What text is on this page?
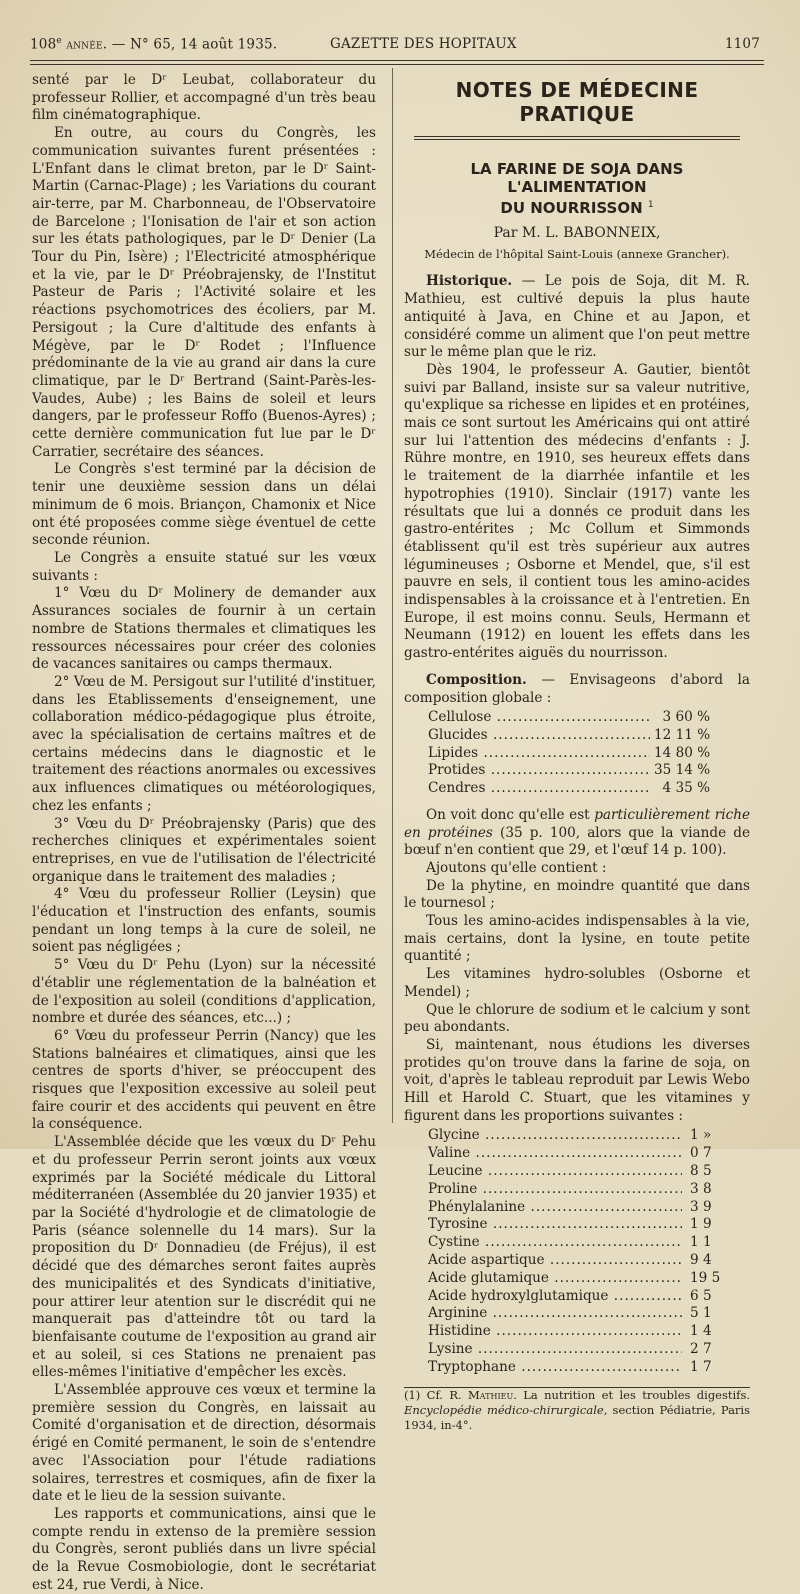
108e année. — N° 65, 14 août 1935.	GAZETTE DES HOPITAUX	1107

senté par le Dʳ Leubat, collaborateur du professeur Rollier, et accompagné d'un très beau film cinématographique.

En outre, au cours du Congrès, les communication suivantes furent présentées : L'Enfant dans le climat breton, par le Dʳ Saint-Martin (Carnac-Plage) ; les Variations du courant air-terre, par M. Charbonneau, de l'Observatoire de Barcelone ; l'Ionisation de l'air et son action sur les états pathologiques, par le Dʳ Denier (La Tour du Pin, Isère) ; l'Electricité atmosphérique et la vie, par le Dʳ Préobrajensky, de l'Institut Pasteur de Paris ; l'Activité solaire et les réactions psychomotrices des écoliers, par M. Persigout ; la Cure d'altitude des enfants à Mégève, par le Dʳ Rodet ; l'Influence prédominante de la vie au grand air dans la cure climatique, par le Dʳ Bertrand (Saint-Parès-les-Vaudes, Aube) ; les Bains de soleil et leurs dangers, par le professeur Roffo (Buenos-Ayres) ; cette dernière communication fut lue par le Dʳ Carratier, secrétaire des séances.

Le Congrès s'est terminé par la décision de tenir une deuxième session dans un délai minimum de 6 mois. Briançon, Chamonix et Nice ont été proposées comme siège éventuel de cette seconde réunion.

Le Congrès a ensuite statué sur les vœux suivants :

1° Vœu du Dʳ Molinery de demander aux Assurances sociales de fournir à un certain nombre de Stations thermales et climatiques les ressources nécessaires pour créer des colonies de vacances sanitaires ou camps thermaux.

2° Vœu de M. Persigout sur l'utilité d'instituer, dans les Etablissements d'enseignement, une collaboration médico-pédagogique plus étroite, avec la spécialisation de certains maîtres et de certains médecins dans le diagnostic et le traitement des réactions anormales ou excessives aux influences climatiques ou météorologiques, chez les enfants ;

3° Vœu du Dʳ Préobrajensky (Paris) que des recherches cliniques et expérimentales soient entreprises, en vue de l'utilisation de l'électricité organique dans le traitement des maladies ;

4° Vœu du professeur Rollier (Leysin) que l'éducation et l'instruction des enfants, soumis pendant un long temps à la cure de soleil, ne soient pas négligées ;

5° Vœu du Dʳ Pehu (Lyon) sur la nécessité d'établir une réglementation de la balnéation et de l'exposition au soleil (conditions d'application, nombre et durée des séances, etc...) ;

6° Vœu du professeur Perrin (Nancy) que les Stations balnéaires et climatiques, ainsi que les centres de sports d'hiver, se préoccupent des risques que l'exposition excessive au soleil peut faire courir et des accidents qui peuvent en être la conséquence.

L'Assemblée décide que les vœux du Dʳ Pehu et du professeur Perrin seront joints aux vœux exprimés par la Société médicale du Littoral méditerranéen (Assemblée du 20 janvier 1935) et par la Société d'hydrologie et de climatologie de Paris (séance solennelle du 14 mars). Sur la proposition du Dʳ Donnadieu (de Fréjus), il est décidé que des démarches seront faites auprès des municipalités et des Syndicats d'initiative, pour attirer leur atention sur le discrédit qui ne manquerait pas d'atteindre tôt ou tard la bienfaisante coutume de l'exposition au grand air et au soleil, si ces Stations ne prenaient pas elles-mêmes l'initiative d'empêcher les excès.

L'Assemblée approuve ces vœux et termine la première session du Congrès, en laissait au Comité d'organisation et de direction, désormais érigé en Comité permanent, le soin de s'entendre avec l'Association pour l'étude radiations solaires, terrestres et cosmiques, afin de fixer la date et le lieu de la session suivante.

Les rapports et communications, ainsi que le compte rendu in extenso de la première session du Congrès, seront publiés dans un livre spécial de la Revue Cosmobiologie, dont le secrétariat est 24, rue Verdi, à Nice.

NOTES DE MÉDECINE PRATIQUE
LA FARINE DE SOJA DANS L'ALIMENTATION
DU NOURRISSON $^1$
Par M. L. BABONNEIX,
Médecin de l'hôpital Saint-Louis (annexe Grancher).

Historique. — Le pois de Soja, dit M. R. Mathieu, est cultivé depuis la plus haute antiquité à Java, en Chine et au Japon, et considéré comme un aliment que l'on peut mettre sur le même plan que le riz.

Dès 1904, le professeur A. Gautier, bientôt suivi par Balland, insiste sur sa valeur nutritive, qu'explique sa richesse en lipides et en protéines, mais ce sont surtout les Américains qui ont attiré sur lui l'attention des médecins d'enfants : J. Rühre montre, en 1910, ses heureux effets dans le traitement de la diarrhée infantile et les hypotrophies (1910). Sinclair (1917) vante les résultats que lui a donnés ce produit dans les gastro-entérites ; Mc Collum et Simmonds établissent qu'il est très supérieur aux autres légumineuses ; Osborne et Mendel, que, s'il est pauvre en sels, il contient tous les amino-acides indispensables à la croissance et à l'entretien. En Europe, il est moins connu. Seuls, Hermann et Neumann (1912) en louent les effets dans les gastro-entérites aiguës du nourrisson.

Composition. — Envisageons d'abord la composition globale :

Cellulose .....	3 60 %
Glucides .....	12 11 %
Lipides .....	14 80 %
Protides .....	35 14 %
Cendres .....	4 35 %

On voit donc qu'elle est particulièrement riche en protéines (35 p. 100, alors que la viande de bœuf n'en contient que 29, et l'œuf 14 p. 100).

Ajoutons qu'elle contient :

De la phytine, en moindre quantité que dans le tournesol ;

Tous les amino-acides indispensables à la vie, mais certains, dont la lysine, en toute petite quantité ;

Les vitamines hydro-solubles (Osborne et Mendel) ;

Que le chlorure de sodium et le calcium y sont peu abondants.

Si, maintenant, nous étudions les diverses protides qu'on trouve dans la farine de soja, on voit, d'après le tableau reproduit par Lewis Webo Hill et Harold C. Stuart, que les vitamines y figurent dans les proportions suivantes :

Glycine .....	1 »
Valine .....	0 7
Leucine .....	8 5
Proline .....	3 8
Phénylalanine .....	3 9
Tyrosine .....	1 9
Cystine .....	1 1
Acide aspartique .....	9 4
Acide glutamique .....	19 5
Acide hydroxylglutamique .....	6 5
Arginine .....	5 1
Histidine .....	1 4
Lysine .....	2 7
Tryptophane .....	1 7

(1) Cf. R. Mathieu. La nutrition et les troubles digestifs. Encyclopédie médico-chirurgicale, section Pédiatrie, Paris 1934, in-4°.
